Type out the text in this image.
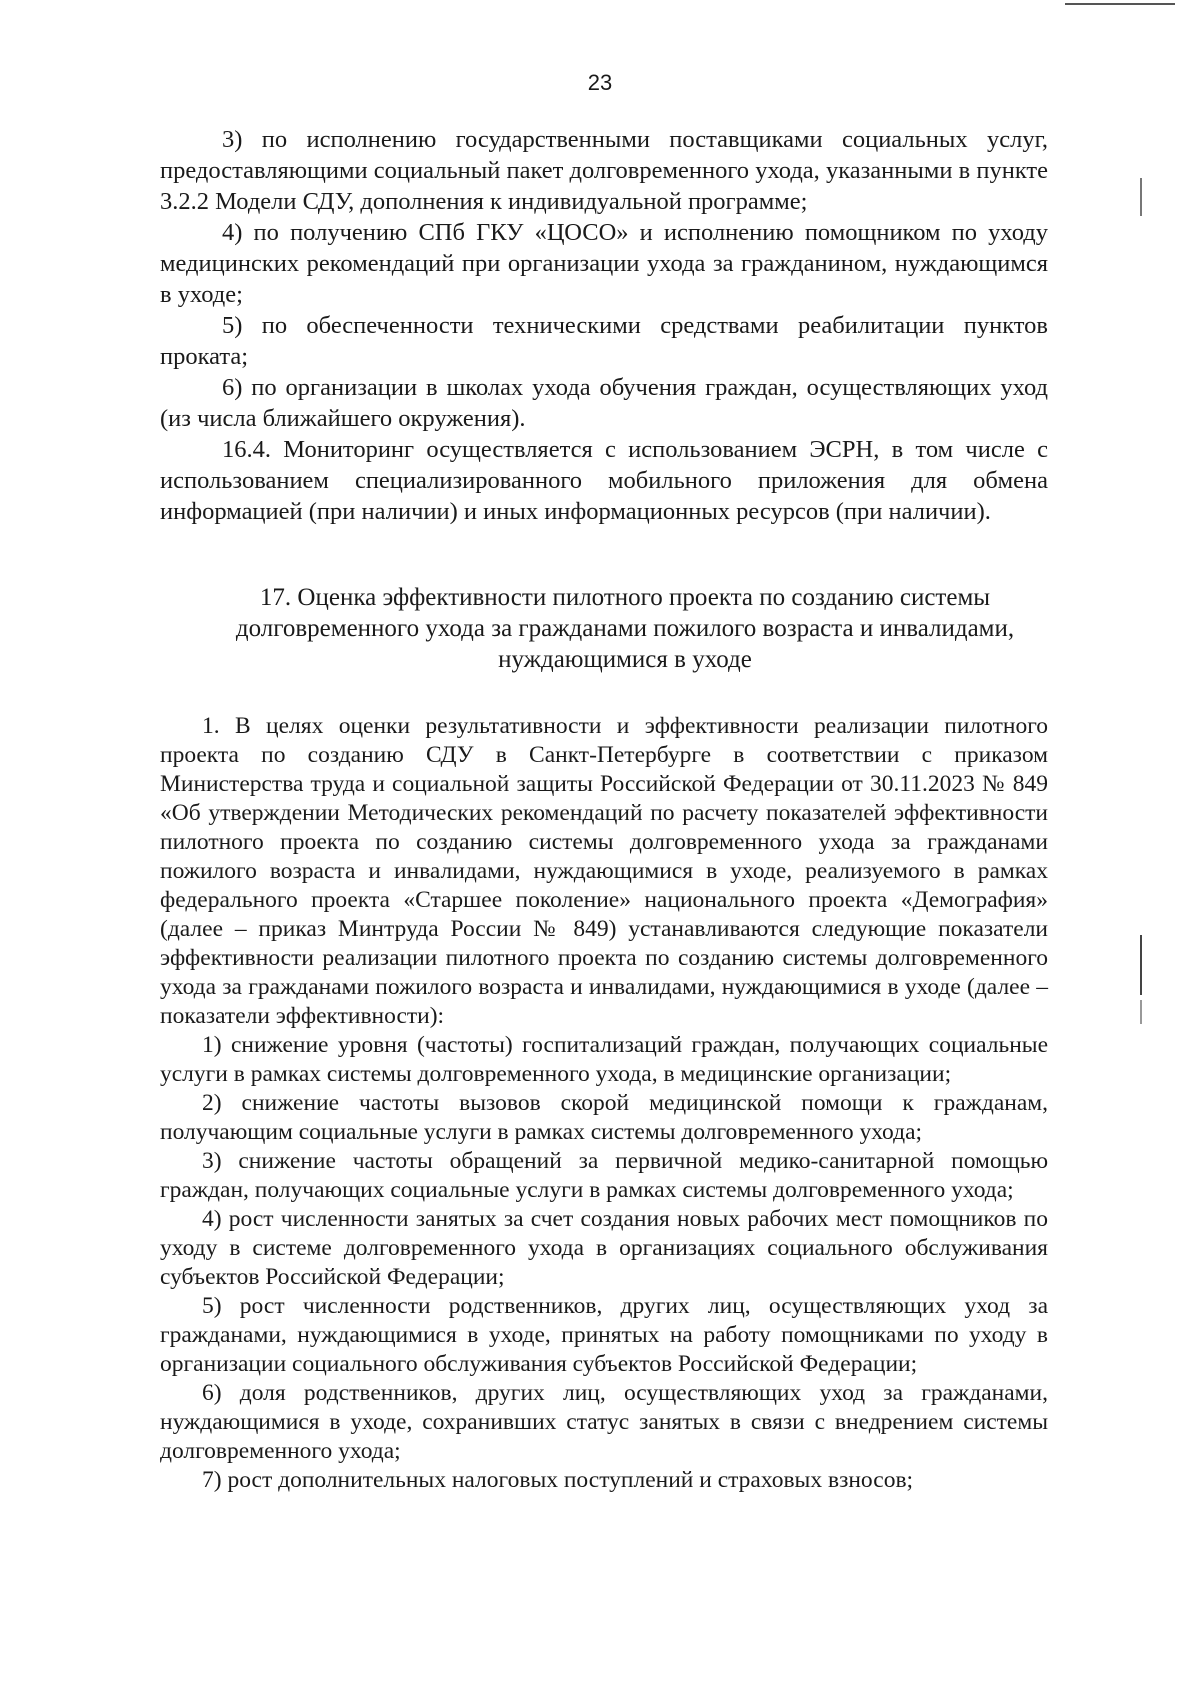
23

3) по исполнению государственными поставщиками социальных услуг, предоставляющими социальный пакет долговременного ухода, указанными в пункте 3.2.2 Модели СДУ, дополнения к индивидуальной программе;

4) по получению СПб ГКУ «ЦОСО» и исполнению помощником по уходу медицинских рекомендаций при организации ухода за гражданином, нуждающимся в уходе;

5) по обеспеченности техническими средствами реабилитации пунктов проката;

6) по организации в школах ухода обучения граждан, осуществляющих уход (из числа ближайшего окружения).

16.4. Мониторинг осуществляется с использованием ЭСРН, в том числе с использованием специализированного мобильного приложения для обмена информацией (при наличии) и иных информационных ресурсов (при наличии).

17. Оценка эффективности пилотного проекта по созданию системы
долговременного ухода за гражданами пожилого возраста и инвалидами,
нуждающимися в уходе

1. В целях оценки результативности и эффективности реализации пилотного проекта по созданию СДУ в Санкт-Петербурге в соответствии с приказом Министерства труда и социальной защиты Российской Федерации от 30.11.2023 № 849 «Об утверждении Методических рекомендаций по расчету показателей эффективности пилотного проекта по созданию системы долговременного ухода за гражданами пожилого возраста и инвалидами, нуждающимися в уходе, реализуемого в рамках федерального проекта «Старшее поколение» национального проекта «Демография» (далее – приказ Минтруда России № 849) устанавливаются следующие показатели эффективности реализации пилотного проекта по созданию системы долговременного ухода за гражданами пожилого возраста и инвалидами, нуждающимися в уходе (далее – показатели эффективности):

1) снижение уровня (частоты) госпитализаций граждан, получающих социальные услуги в рамках системы долговременного ухода, в медицинские организации;

2) снижение частоты вызовов скорой медицинской помощи к гражданам, получающим социальные услуги в рамках системы долговременного ухода;

3) снижение частоты обращений за первичной медико-санитарной помощью граждан, получающих социальные услуги в рамках системы долговременного ухода;

4) рост численности занятых за счет создания новых рабочих мест помощников по уходу в системе долговременного ухода в организациях социального обслуживания субъектов Российской Федерации;

5) рост численности родственников, других лиц, осуществляющих уход за гражданами, нуждающимися в уходе, принятых на работу помощниками по уходу в организации социального обслуживания субъектов Российской Федерации;

6) доля родственников, других лиц, осуществляющих уход за гражданами, нуждающимися в уходе, сохранивших статус занятых в связи с внедрением системы долговременного ухода;

7) рост дополнительных налоговых поступлений и страховых взносов;
